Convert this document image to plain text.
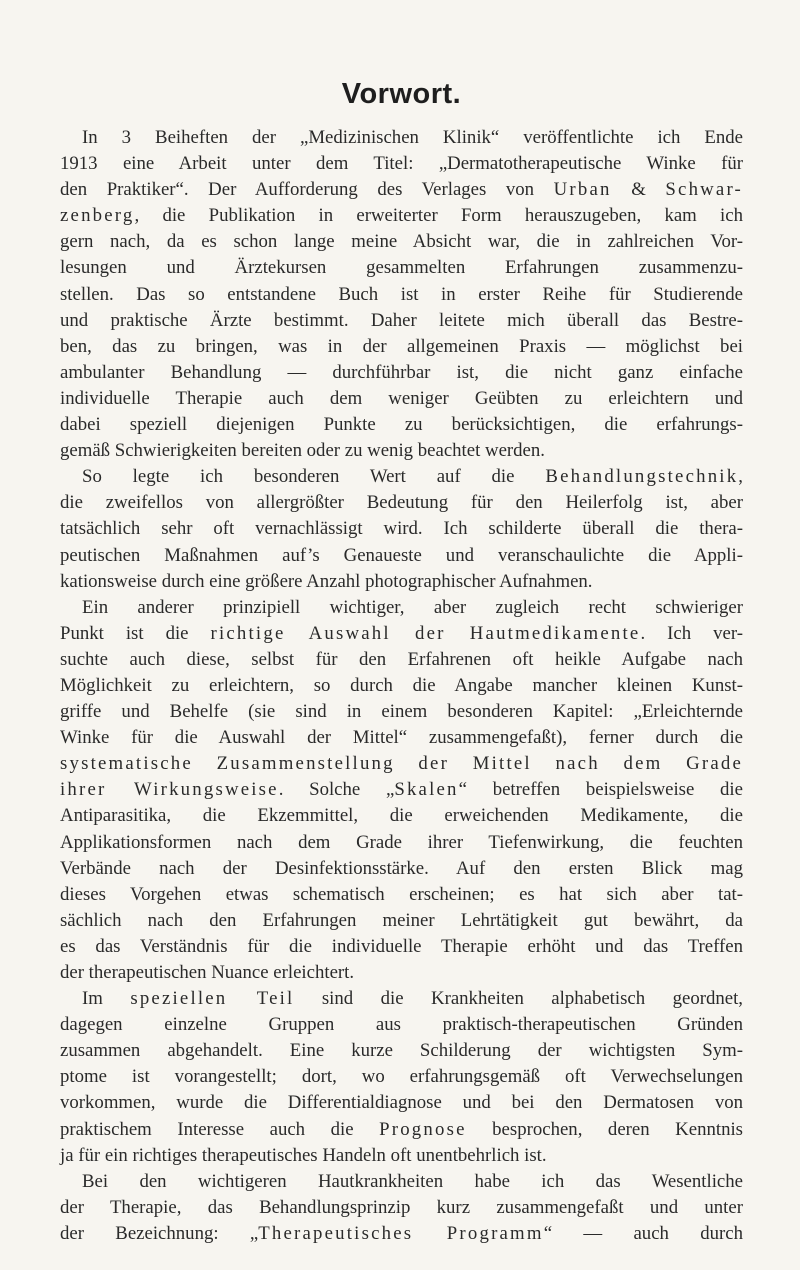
Vorwort.
In 3 Beiheften der „Medizinischen Klinik“ veröffentlichte ich Ende
1913 eine Arbeit unter dem Titel: „Dermatotherapeutische Winke für
den Praktiker“. Der Aufforderung des Verlages von Urban & Schwar-
zenberg, die Publikation in erweiterter Form herauszugeben, kam ich
gern nach, da es schon lange meine Absicht war, die in zahlreichen Vor-
lesungen und Ärztekursen gesammelten Erfahrungen zusammenzu-
stellen. Das so entstandene Buch ist in erster Reihe für Studierende
und praktische Ärzte bestimmt. Daher leitete mich überall das Bestre-
ben, das zu bringen, was in der allgemeinen Praxis — möglichst bei
ambulanter Behandlung — durchführbar ist, die nicht ganz einfache
individuelle Therapie auch dem weniger Geübten zu erleichtern und
dabei speziell diejenigen Punkte zu berücksichtigen, die erfahrungs-
gemäß Schwierigkeiten bereiten oder zu wenig beachtet werden.
So legte ich besonderen Wert auf die Behandlungstechnik,
die zweifellos von allergrößter Bedeutung für den Heilerfolg ist, aber
tatsächlich sehr oft vernachlässigt wird. Ich schilderte überall die thera-
peutischen Maßnahmen auf’s Genaueste und veranschaulichte die Appli-
kationsweise durch eine größere Anzahl photographischer Aufnahmen.
Ein anderer prinzipiell wichtiger, aber zugleich recht schwieriger
Punkt ist die richtige Auswahl der Hautmedikamente. Ich ver-
suchte auch diese, selbst für den Erfahrenen oft heikle Aufgabe nach
Möglichkeit zu erleichtern, so durch die Angabe mancher kleinen Kunst-
griffe und Behelfe (sie sind in einem besonderen Kapitel: „Erleichternde
Winke für die Auswahl der Mittel“ zusammengefaßt), ferner durch die
systematische Zusammenstellung der Mittel nach dem Grade
ihrer Wirkungsweise. Solche „Skalen“ betreffen beispielsweise die
Antiparasitika, die Ekzemmittel, die erweichenden Medikamente, die
Applikationsformen nach dem Grade ihrer Tiefenwirkung, die feuchten
Verbände nach der Desinfektionsstärke. Auf den ersten Blick mag
dieses Vorgehen etwas schematisch erscheinen; es hat sich aber tat-
sächlich nach den Erfahrungen meiner Lehrtätigkeit gut bewährt, da
es das Verständnis für die individuelle Therapie erhöht und das Treffen
der therapeutischen Nuance erleichtert.
Im speziellen Teil sind die Krankheiten alphabetisch geordnet,
dagegen einzelne Gruppen aus praktisch-therapeutischen Gründen
zusammen abgehandelt. Eine kurze Schilderung der wichtigsten Sym-
ptome ist vorangestellt; dort, wo erfahrungsgemäß oft Verwechselungen
vorkommen, wurde die Differentialdiagnose und bei den Dermatosen von
praktischem Interesse auch die Prognose besprochen, deren Kenntnis
ja für ein richtiges therapeutisches Handeln oft unentbehrlich ist.
Bei den wichtigeren Hautkrankheiten habe ich das Wesentliche
der Therapie, das Behandlungsprinzip kurz zusammengefaßt und unter
der Bezeichnung: „Therapeutisches Programm“ — auch durch
